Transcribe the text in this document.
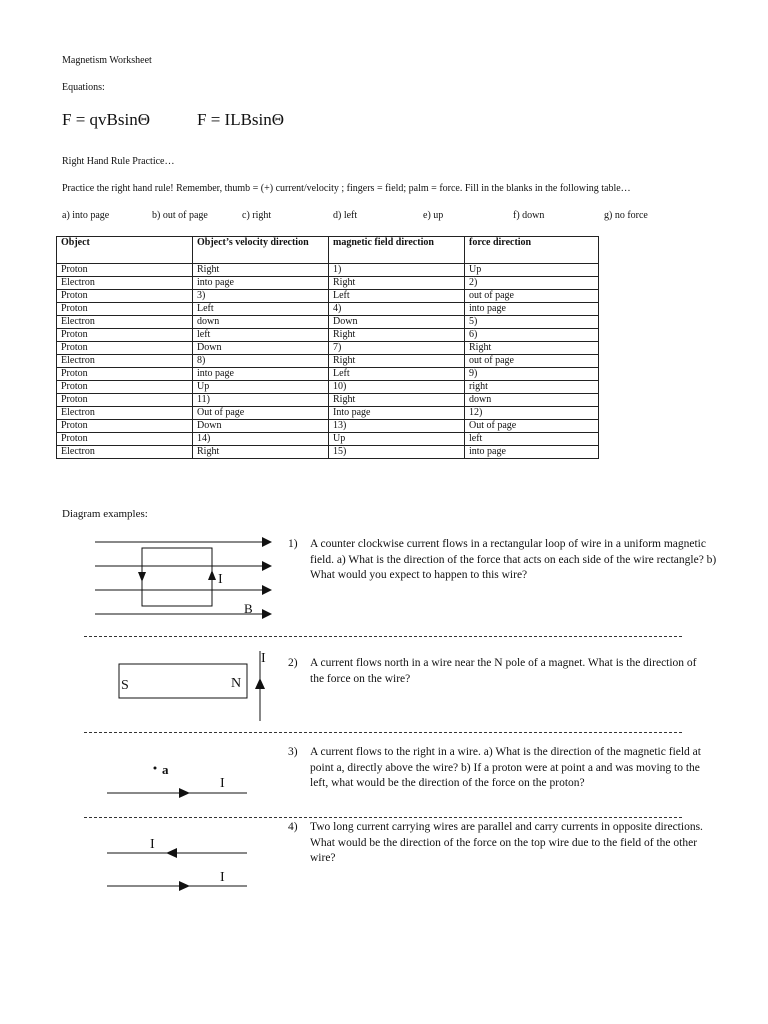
Magnetism Worksheet
Equations:
F = qvBsinΘ	F = ILBsinΘ
Right Hand Rule Practice…
Practice the right hand rule! Remember, thumb = (+) current/velocity ; fingers = field; palm = force. Fill in the blanks in the following table…
a) into page	b) out of page	c) right	d) left	e) up	f) down	g) no force
Object	Object’s velocity direction	magnetic field direction	force direction
Proton	Right	1)	Up
Electron	into page	Right	2)
Proton	3)	Left	out of page
Proton	Left	4)	into page
Electron	down	Down	5)
Proton	left	Right	6)
Proton	Down	7)	Right
Electron	8)	Right	out of page
Proton	into page	Left	9)
Proton	Up	10)	right
Proton	11)	Right	down
Electron	Out of page	Into page	12)
Proton	Down	13)	Out of page
Proton	14)	Up	left
Electron	Right	15)	into page
Diagram examples:
I
B
S	N
I
a
I
I
I
1) A counter clockwise current flows in a rectangular loop of wire in a uniform magnetic field. a) What is the direction of the force that acts on each side of the wire rectangle? b) What would you expect to happen to this wire?
2) A current flows north in a wire near the N pole of a magnet. What is the direction of the force on the wire?
3) A current flows to the right in a wire. a) What is the direction of the magnetic field at point a, directly above the wire? b) If a proton were at point a and was moving to the left, what would be the direction of the force on the proton?
4) Two long current carrying wires are parallel and carry currents in opposite directions. What would be the direction of the force on the top wire due to the field of the other wire?
